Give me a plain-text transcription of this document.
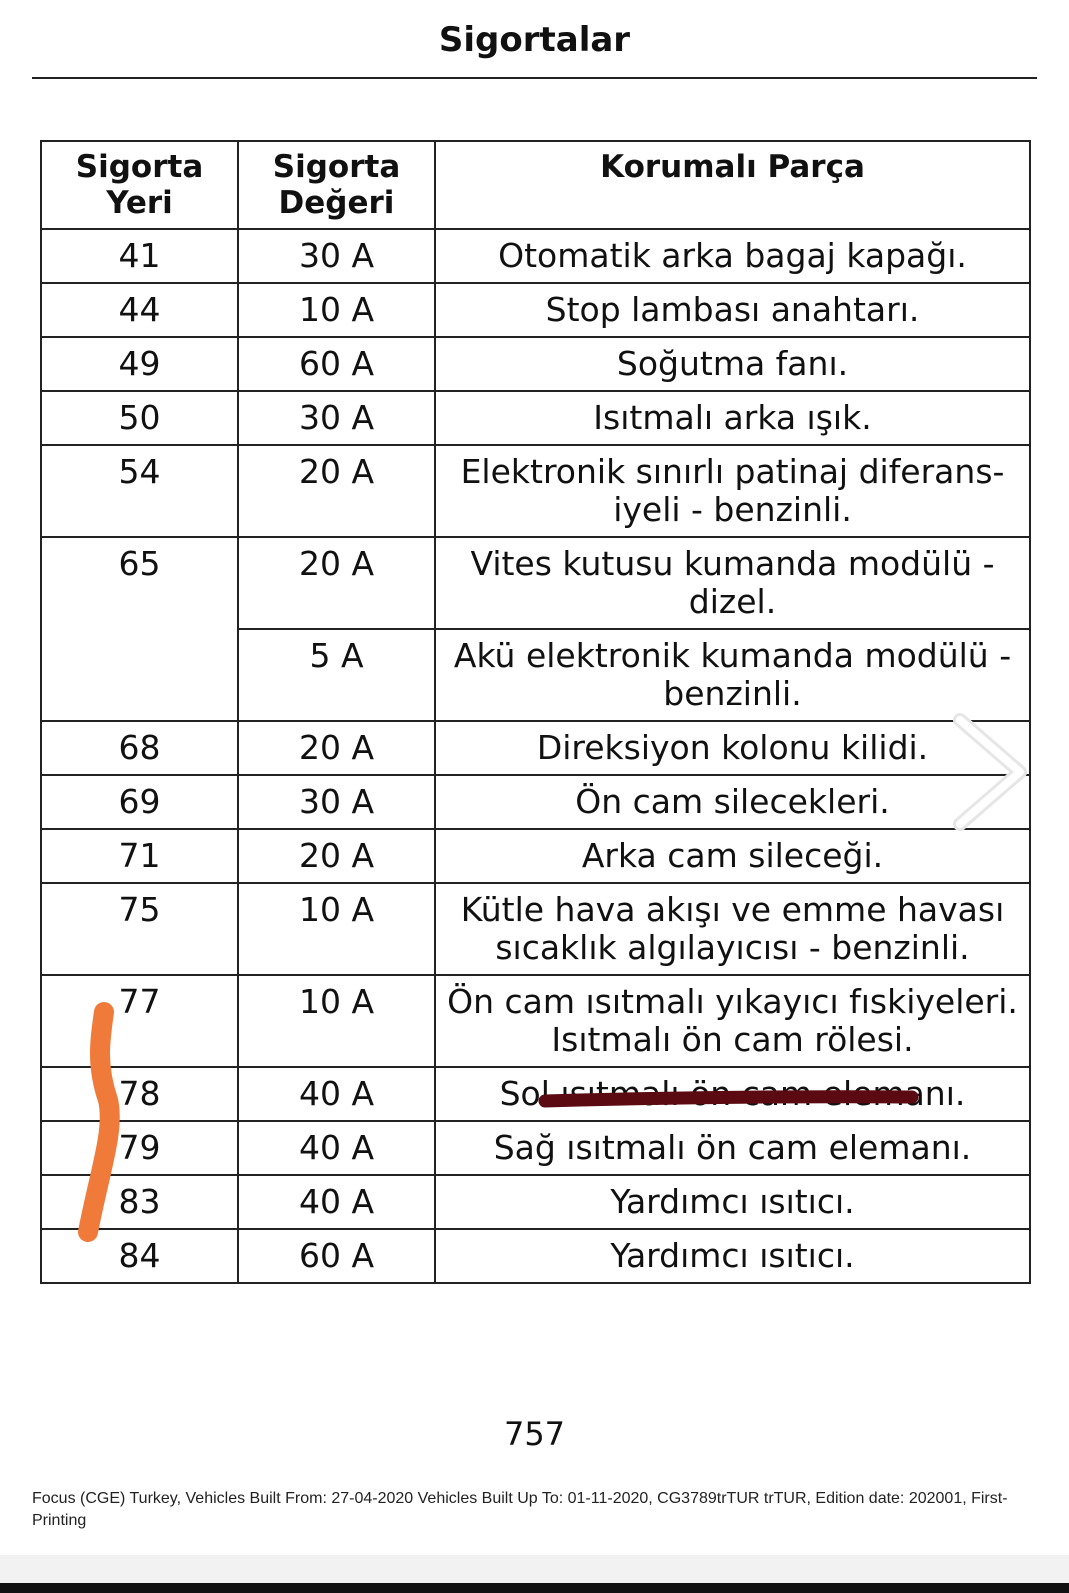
Sigortalar
Sigorta Yeri	Sigorta Değeri	Korumalı Parça
41	30 A	Otomatik arka bagaj kapağı.
44	10 A	Stop lambası anahtarı.
49	60 A	Soğutma fanı.
50	30 A	Isıtmalı arka ışık.
54	20 A	Elektronik sınırlı patinaj diferans-iyeli - benzinli.
65	20 A	Vites kutusu kumanda modülü - dizel.
	5 A	Akü elektronik kumanda modülü - benzinli.
68	20 A	Direksiyon kolonu kilidi.
69	30 A	Ön cam silecekleri.
71	20 A	Arka cam sileceği.
75	10 A	Kütle hava akışı ve emme havası sıcaklık algılayıcısı - benzinli.
77	10 A	Ön cam ısıtmalı yıkayıcı fıskiyeleri. Isıtmalı ön cam rölesi.
78	40 A	Sol ısıtmalı ön cam elemanı.
79	40 A	Sağ ısıtmalı ön cam elemanı.
83	40 A	Yardımcı ısıtıcı.
84	60 A	Yardımcı ısıtıcı.
757
Focus (CGE) Turkey, Vehicles Built From: 27-04-2020 Vehicles Built Up To: 01-11-2020, CG3789trTUR trTUR, Edition date: 202001, First-Printing
